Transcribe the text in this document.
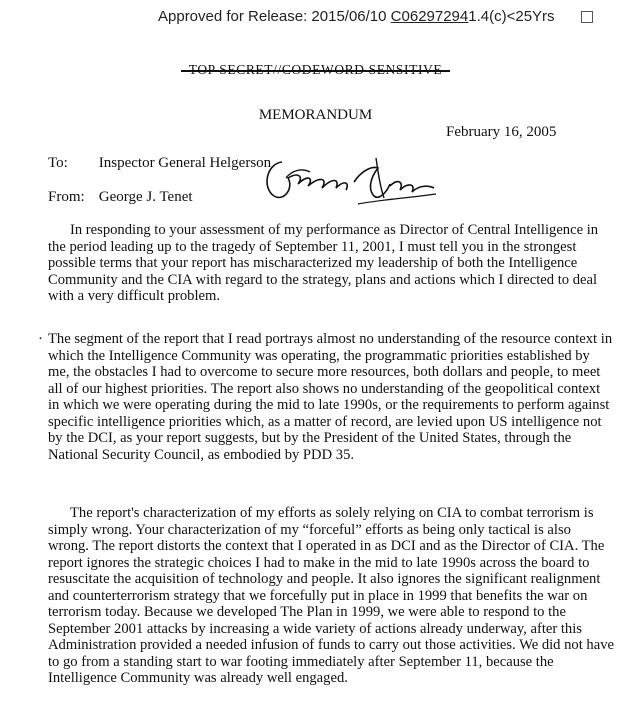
Approved for Release: 2015/06/10 C062972941.4(c)<25Yrs
TOP SECRET//CODEWORD SENSITIVE
MEMORANDUM
February 16, 2005
To: Inspector General Helgerson
From: George J. Tenet

In responding to your assessment of my performance as Director of Central Intelligence in the period leading up to the tragedy of September 11, 2001, I must tell you in the strongest possible terms that your report has mischaracterized my leadership of both the Intelligence Community and the CIA with regard to the strategy, plans and actions which I directed to deal with a very difficult problem.

· The segment of the report that I read portrays almost no understanding of the resource context in which the Intelligence Community was operating, the programmatic priorities established by me, the obstacles I had to overcome to secure more resources, both dollars and people, to meet all of our highest priorities. The report also shows no understanding of the geopolitical context in which we were operating during the mid to late 1990s, or the requirements to perform against specific intelligence priorities which, as a matter of record, are levied upon US intelligence not by the DCI, as your report suggests, but by the President of the United States, through the National Security Council, as embodied by PDD 35.

The report's characterization of my efforts as solely relying on CIA to combat terrorism is simply wrong. Your characterization of my “forceful” efforts as being only tactical is also wrong. The report distorts the context that I operated in as DCI and as the Director of CIA. The report ignores the strategic choices I had to make in the mid to late 1990s across the board to resuscitate the acquisition of technology and people. It also ignores the significant realignment and counterterrorism strategy that we forcefully put in place in 1999 that benefits the war on terrorism today. Because we developed The Plan in 1999, we were able to respond to the September 2001 attacks by increasing a wide variety of actions already underway, after this Administration provided a needed infusion of funds to carry out those activities. We did not have to go from a standing start to war footing immediately after September 11, because the Intelligence Community was already well engaged.
